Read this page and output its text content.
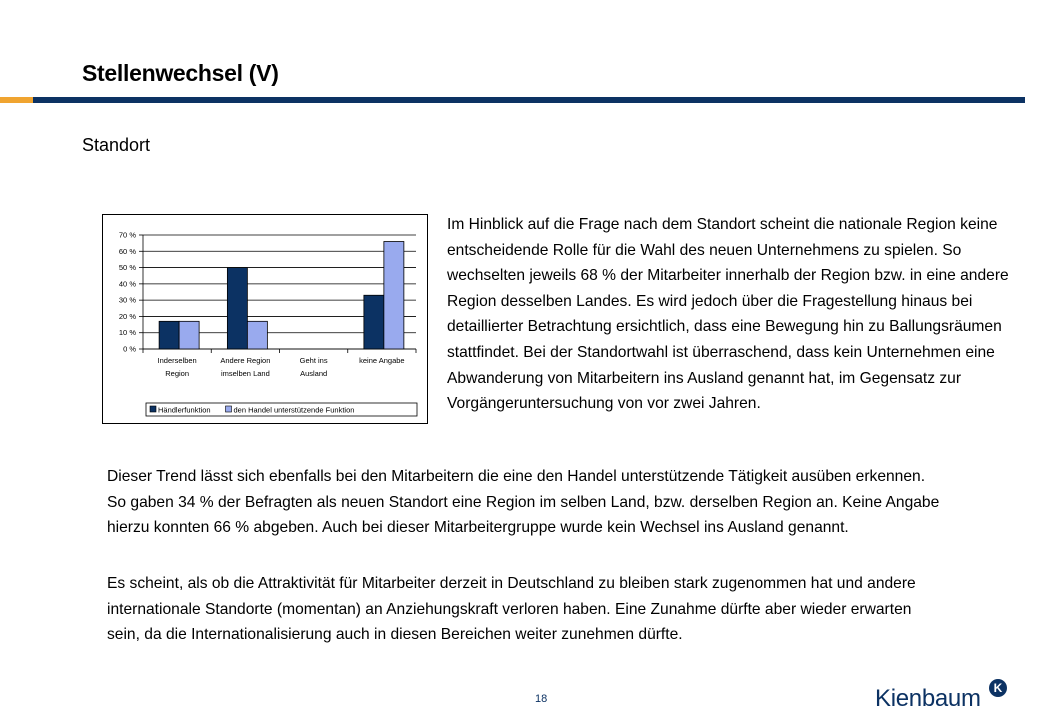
Stellenwechsel (V)
Standort
0 %
10 %
20 %
30 %
40 %
50 %
60 %
70 %
Inderselben
Region
Andere Region
imselben Land
Geht ins
Ausland
keine Angabe
Händlerfunktion	den Handel unterstützende Funktion

Im Hinblick auf die Frage nach dem Standort scheint die nationale Region keine entscheidende Rolle für die Wahl des neuen Unternehmens zu spielen. So wechselten jeweils 68 % der Mitarbeiter innerhalb der Region bzw. in eine andere Region desselben Landes. Es wird jedoch über die Fragestellung hinaus bei detaillierter Betrachtung ersichtlich, dass eine Bewegung hin zu Ballungsräumen stattfindet. Bei der Standortwahl ist überraschend, dass kein Unternehmen eine Abwanderung von Mitarbeitern ins Ausland genannt hat, im Gegensatz zur Vorgängeruntersuchung von vor zwei Jahren.

Dieser Trend lässt sich ebenfalls bei den Mitarbeitern die eine den Handel unterstützende Tätigkeit ausüben erkennen. So gaben 34 % der Befragten als neuen Standort eine Region im selben Land, bzw. derselben Region an. Keine Angabe hierzu konnten 66 % abgeben. Auch bei dieser Mitarbeitergruppe wurde kein Wechsel ins Ausland genannt.

Es scheint, als ob die Attraktivität für Mitarbeiter derzeit in Deutschland zu bleiben stark zugenommen hat und andere internationale Standorte (momentan) an Anziehungskraft verloren haben. Eine Zunahme dürfte aber wieder erwarten sein, da die Internationalisierung auch in diesen Bereichen weiter zunehmen dürfte.

18	Kienbaum	K
